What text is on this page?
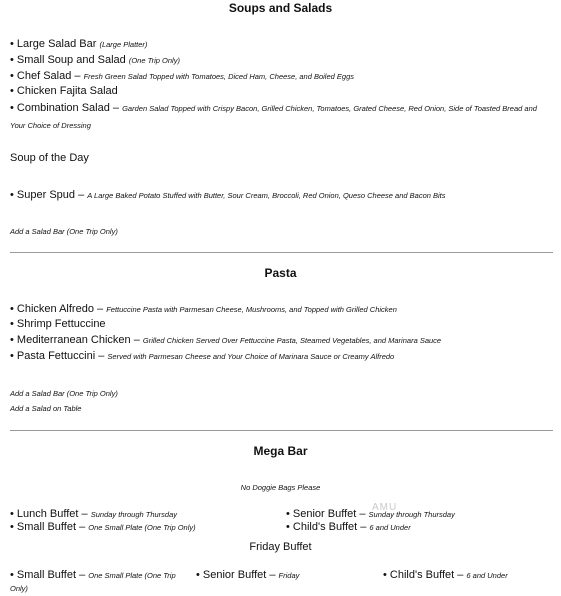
Soups and Salads
• Large Salad Bar (Large Platter)
• Small Soup and Salad (One Trip Only)
• Chef Salad – Fresh Green Salad Topped with Tomatoes, Diced Ham, Cheese, and Boiled Eggs
• Chicken Fajita Salad
• Combination Salad – Garden Salad Topped with Crispy Bacon, Grilled Chicken, Tomatoes, Grated Cheese, Red Onion, Side of Toasted Bread and Your Choice of Dressing
Soup of the Day
• Super Spud – A Large Baked Potato Stuffed with Butter, Sour Cream, Broccoli, Red Onion, Queso Cheese and Bacon Bits
Add a Salad Bar (One Trip Only)
Pasta
• Chicken Alfredo – Fettuccine Pasta with Parmesan Cheese, Mushrooms, and Topped with Grilled Chicken
• Shrimp Fettuccine
• Mediterranean Chicken – Grilled Chicken Served Over Fettuccine Pasta, Steamed Vegetables, and Marinara Sauce
• Pasta Fettuccini – Served with Parmesan Cheese and Your Choice of Marinara Sauce or Creamy Alfredo
Add a Salad Bar (One Trip Only)
Add a Salad on Table
Mega Bar
No Doggie Bags Please
• Lunch Buffet – Sunday through Thursday
• Small Buffet – One Small Plate (One Trip Only)
• Senior Buffet – Sunday through Thursday
• Child's Buffet – 6 and Under
AMU
Friday Buffet
• Small Buffet – One Small Plate (One Trip Only)
• Senior Buffet – Friday	• Child's Buffet – 6 and Under
